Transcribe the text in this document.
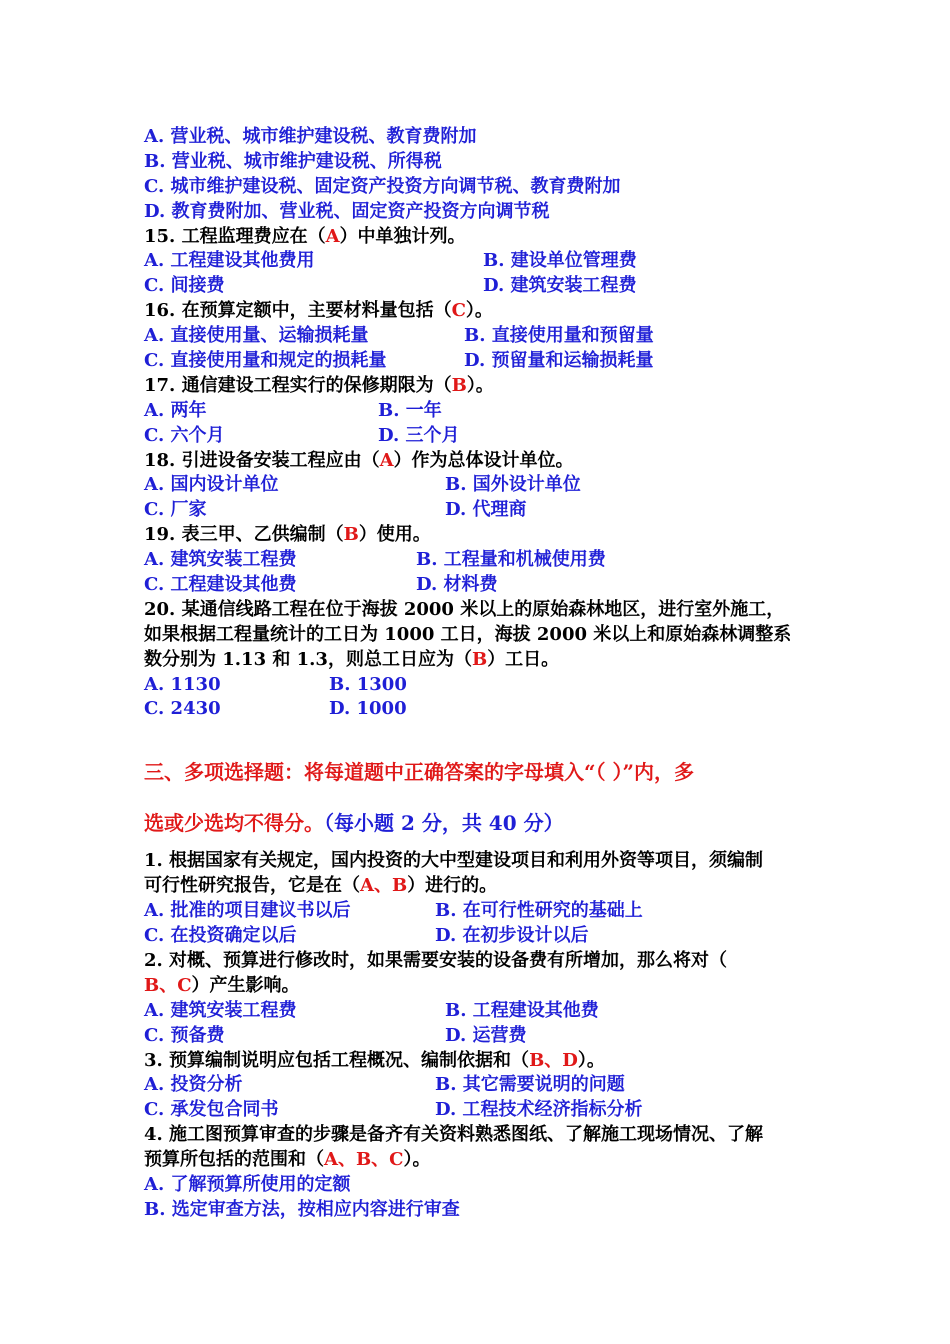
A. 营业税、城市维护建设税、教育费附加
B. 营业税、城市维护建设税、所得税
C. 城市维护建设税、固定资产投资方向调节税、教育费附加
D. 教育费附加、营业税、固定资产投资方向调节税
15. 工程监理费应在（A）中单独计列。
A. 工程建设其他费用	B. 建设单位管理费
C. 间接费	D. 建筑安装工程费
16. 在预算定额中，主要材料量包括（C）。
A. 直接使用量、运输损耗量	B. 直接使用量和预留量
C. 直接使用量和规定的损耗量	D. 预留量和运输损耗量
17. 通信建设工程实行的保修期限为（B）。
A. 两年	B. 一年
C. 六个月	D. 三个月
18. 引进设备安装工程应由（A）作为总体设计单位。
A. 国内设计单位	B. 国外设计单位
C. 厂家	D. 代理商
19. 表三甲、乙供编制（B）使用。
A. 建筑安装工程费	B. 工程量和机械使用费
C. 工程建设其他费	D. 材料费
20. 某通信线路工程在位于海拔 2000 米以上的原始森林地区，进行室外施工，
如果根据工程量统计的工日为 1000 工日，海拔 2000 米以上和原始森林调整系
数分别为 1.13 和 1.3，则总工日应为（B）工日。
A. 1130	B. 1300
C. 2430	D. 1000
三、多项选择题：将每道题中正确答案的字母填入“（ ）”内，多
选或少选均不得分。（每小题 2 分，共 40 分）
1. 根据国家有关规定，国内投资的大中型建设项目和利用外资等项目，须编制
可行性研究报告，它是在（A、B）进行的。
A. 批准的项目建议书以后	B. 在可行性研究的基础上
C. 在投资确定以后	D. 在初步设计以后
2. 对概、预算进行修改时，如果需要安装的设备费有所增加，那么将对（
B、C）产生影响。
A. 建筑安装工程费	B. 工程建设其他费
C. 预备费	D. 运营费
3. 预算编制说明应包括工程概况、编制依据和（B、D）。
A. 投资分析	B. 其它需要说明的问题
C. 承发包合同书	D. 工程技术经济指标分析
4. 施工图预算审查的步骤是备齐有关资料熟悉图纸、了解施工现场情况、了解
预算所包括的范围和（A、B、C）。
A. 了解预算所使用的定额
B. 选定审查方法，按相应内容进行审查
